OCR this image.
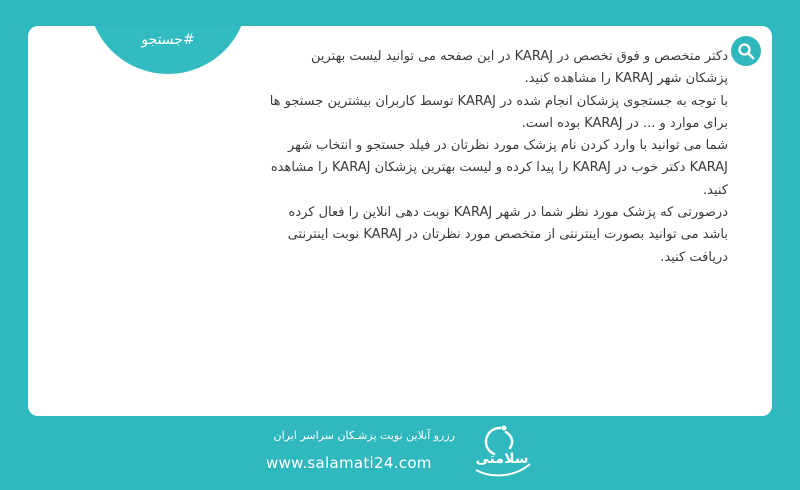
#جستجو

دکتر متخصص و فوق تخصص در KARAJ در این صفحه می توانید لیست بهترین پزشکان شهر KARAJ را مشاهده کنید.

با توجه به جستجوی پزشکان انجام شده در KARAJ توسط کاربران بیشترین جستجو ها برای موارد و ... در KARAJ بوده است.

شما می توانید با وارد کردن نام پزشک مورد نظرتان در فیلد جستجو و انتخاب شهر KARAJ دکتر خوب در KARAJ را پیدا کرده و لیست بهترین پزشکان KARAJ را مشاهده کنید.

درصورتی که پزشک مورد نظر شما در شهر KARAJ نوبت دهی انلاین را فعال کرده باشد می توانید بصورت اینترنتی از متخصص مورد نظرتان در KARAJ نوبت اینترنتی دریافت کنید.

رزرو آنلاین نوبت پزشـکان سراسر ایران
www.salamati24.com	سلامتی
